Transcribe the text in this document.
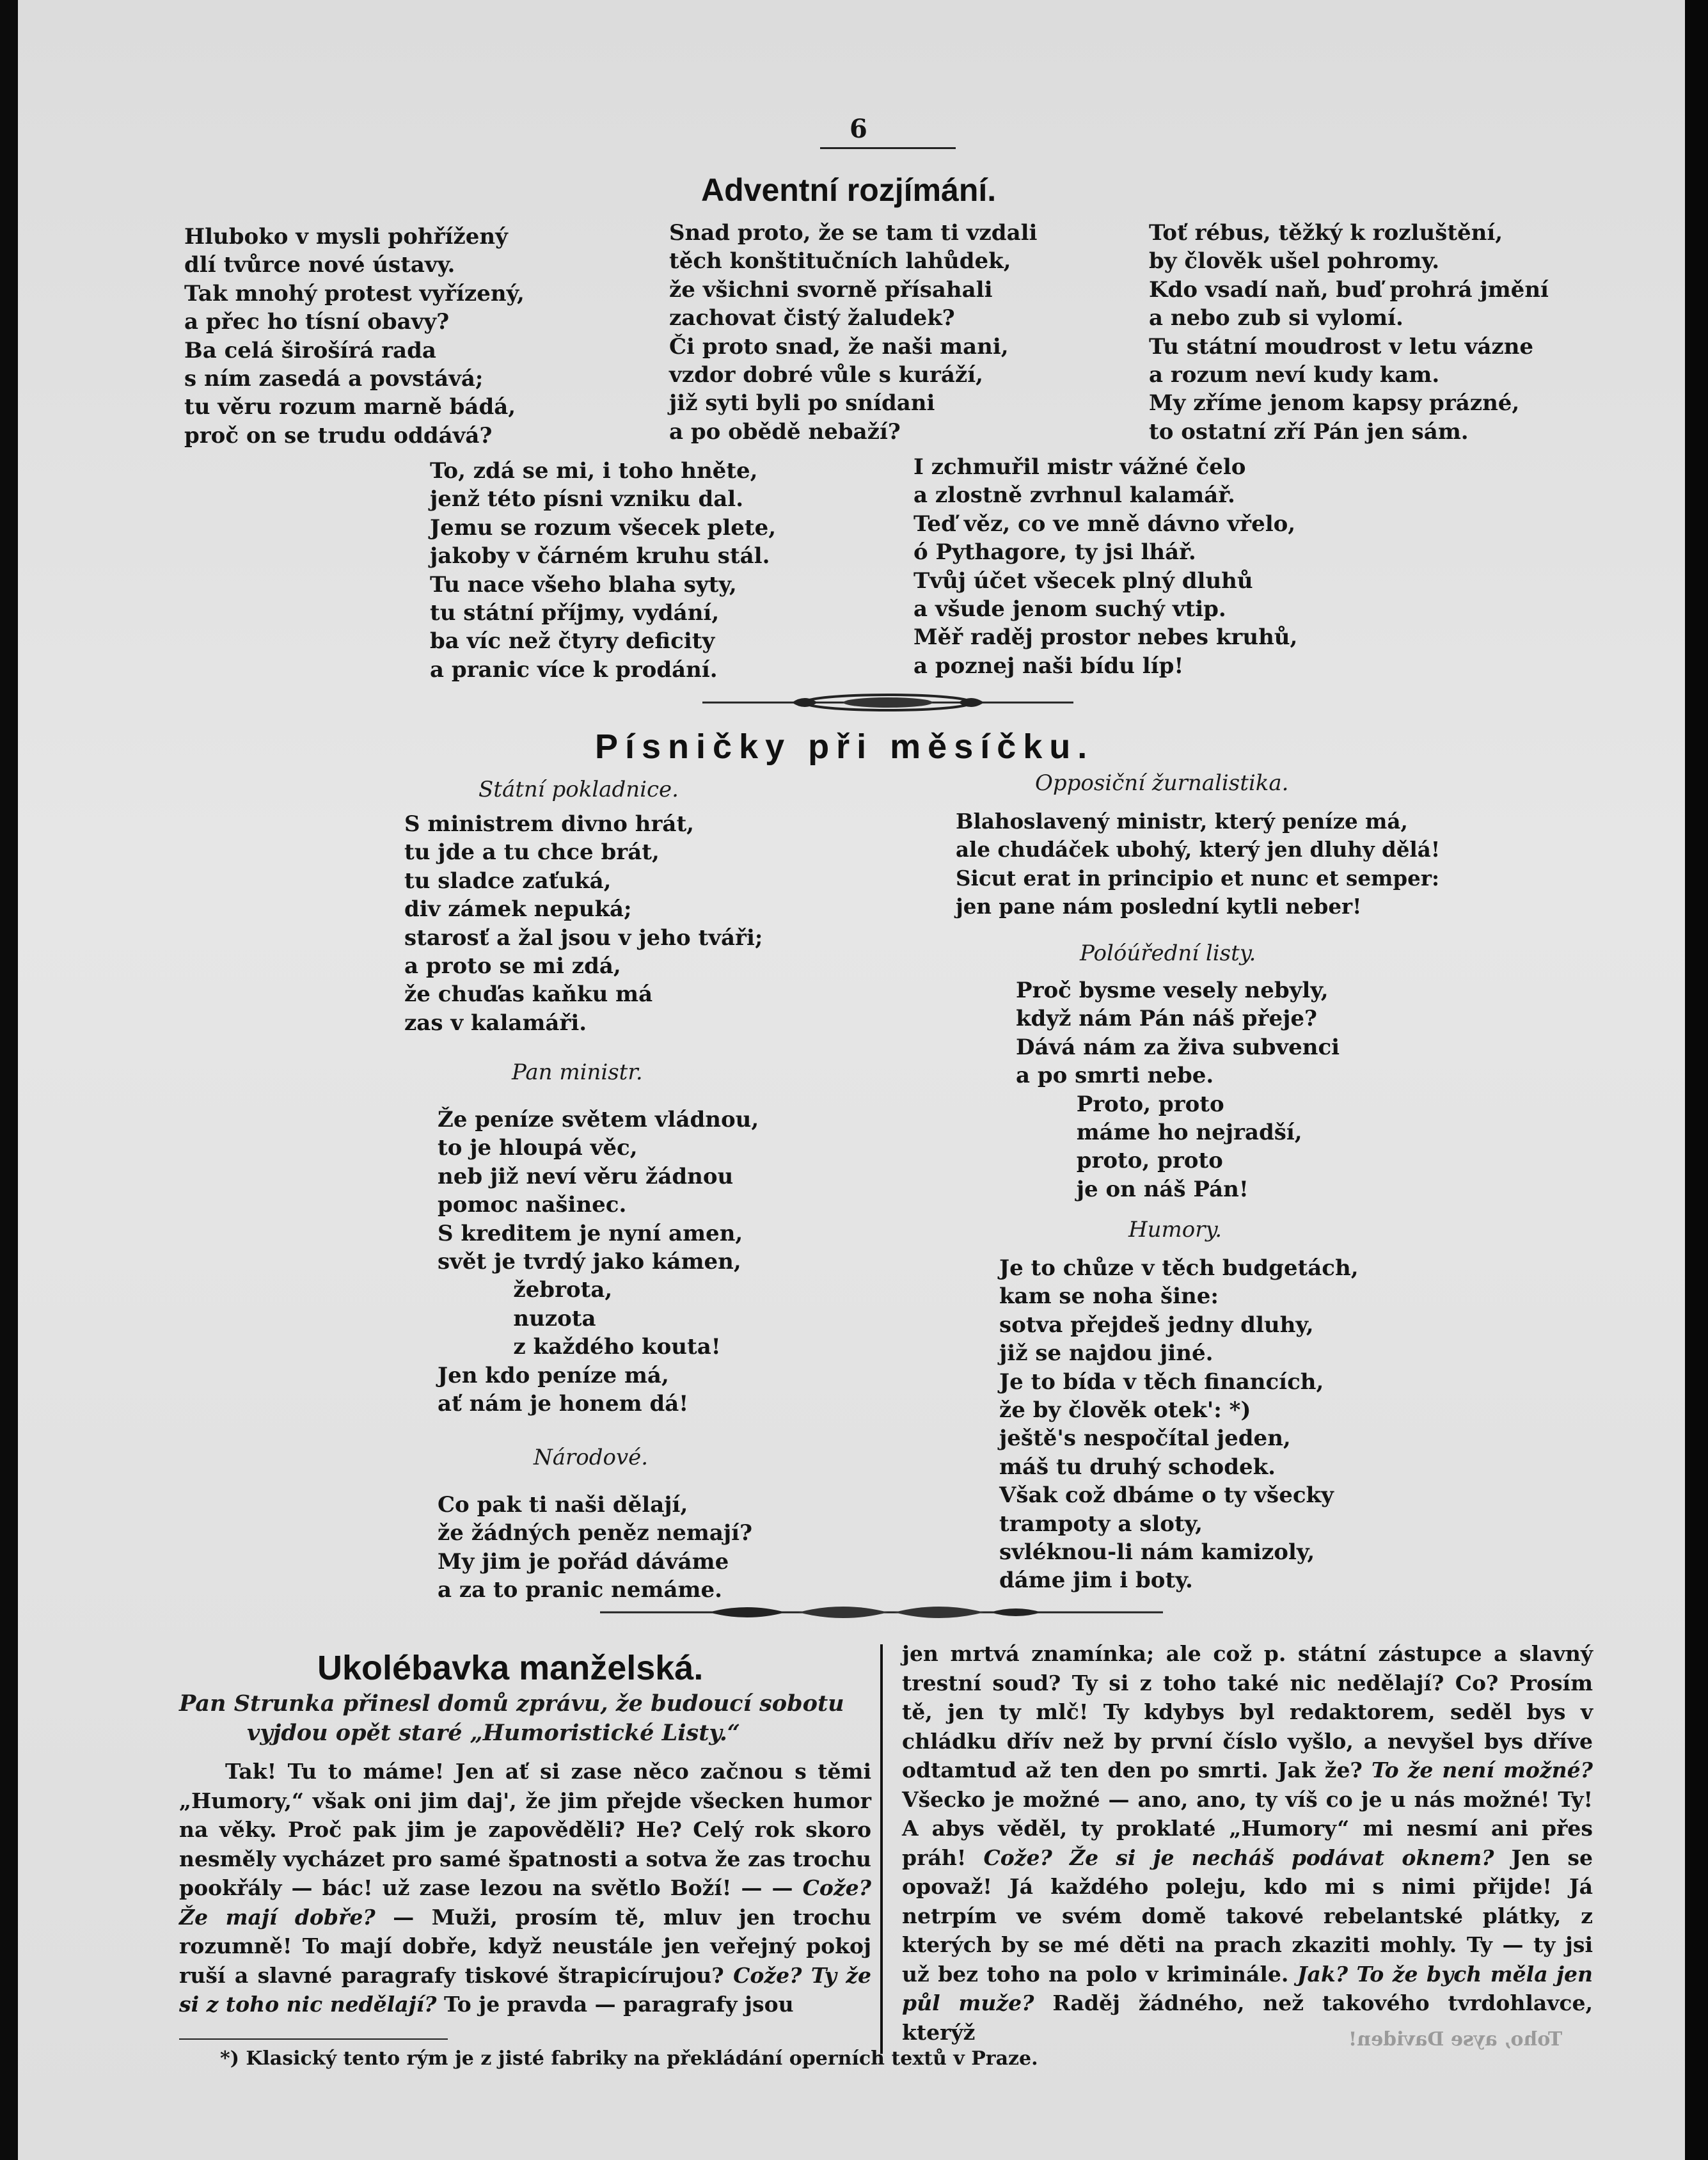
6
Adventní rozjímání.
Hluboko v mysli pohřížený
dlí tvůrce nové ústavy.
Tak mnohý protest vyřízený,
a přec ho tísní obavy?
Ba celá širošírá rada
s ním zasedá a povstává;
tu věru rozum marně bádá,
proč on se trudu oddává?
Snad proto, že se tam ti vzdali
těch konštitučních lahůdek,
že všichni svorně přísahali
zachovat čistý žaludek?
Či proto snad, že naši mani,
vzdor dobré vůle s kuráží,
již syti byli po snídani
a po obědě nebaží?
Toť rébus, těžký k rozluštění,
by člověk ušel pohromy.
Kdo vsadí naň, buď prohrá jmění
a nebo zub si vylomí.
Tu státní moudrost v letu vázne
a rozum neví kudy kam.
My zříme jenom kapsy prázné,
to ostatní zří Pán jen sám.
To, zdá se mi, i toho hněte,
jenž této písni vzniku dal.
Jemu se rozum všecek plete,
jakoby v čárném kruhu stál.
Tu nace všeho blaha syty,
tu státní příjmy, vydání,
ba víc než čtyry deficity
a pranic více k prodání.
I zchmuřil mistr vážné čelo
a zlostně zvrhnul kalamář.
Teď věz, co ve mně dávno vřelo,
ó Pythagore, ty jsi lhář.
Tvůj účet všecek plný dluhů
a všude jenom suchý vtip.
Měř raděj prostor nebes kruhů,
a poznej naši bídu líp!
Písničky při měsíčku.
Státní pokladnice.
S ministrem divno hrát,
tu jde a tu chce brát,
tu sladce zaťuká,
div zámek nepuká;
starosť a žal jsou v jeho tváři;
a proto se mi zdá,
že chuďas kaňku má
zas v kalamáři.
Pan ministr.
Že peníze světem vládnou,
to je hloupá věc,
neb již neví věru žádnou
pomoc našinec.
S kreditem je nyní amen,
svět je tvrdý jako kámen,
žebrota,
nuzota
z každého kouta!
Jen kdo peníze má,
ať nám je honem dá!
Národové.
Co pak ti naši dělají,
že žádných peněz nemají?
My jim je pořád dáváme
a za to pranic nemáme.
Opposiční žurnalistika.
Blahoslavený ministr, který peníze má,
ale chudáček ubohý, který jen dluhy dělá!
Sicut erat in principio et nunc et semper:
jen pane nám poslední kytli neber!
Polóúřední listy.
Proč bysme vesely nebyly,
když nám Pán náš přeje?
Dává nám za živa subvenci
a po smrti nebe.
Proto, proto
máme ho nejradší,
proto, proto
je on náš Pán!
Humory.
Je to chůze v těch budgetách,
kam se noha šine:
sotva přejdeš jedny dluhy,
již se najdou jiné.
Je to bída v těch financích,
že by člověk otek': *)
ještě's nespočítal jeden,
máš tu druhý schodek.
Však což dbáme o ty všecky
trampoty a sloty,
svléknou-li nám kamizoly,
dáme jim i boty.
Ukolébavka manželská.
Pan Strunka přinesl domů zprávu, že budoucí sobotu
vyjdou opět staré „Humoristické Listy.“

Tak! Tu to máme! Jen ať si zase něco začnou s těmi „Humory,“ však oni jim daj', že jim přejde všecken humor na věky. Proč pak jim je zapověděli? He? Celý rok skoro nesměly vycházet pro samé špatnosti a sotva že zas trochu pookřály — bác! už zase lezou na světlo Boží! — — Cože? Že mají dobře? — Muži, prosím tě, mluv jen trochu rozumně! To mají dobře, když neustále jen veřejný pokoj ruší a slavné paragrafy tiskové štrapicírujou? Cože? Ty že si z toho nic nedělají? To je pravda — paragrafy jsou

jen mrtvá znamínka; ale což p. státní zástupce a slavný trestní soud? Ty si z toho také nic nedělají? Co? Prosím tě, jen ty mlč! Ty kdybys byl redaktorem, seděl bys v chládku dřív než by první číslo vyšlo, a nevyšel bys dříve odtamtud až ten den po smrti. Jak že? To že není možné? Všecko je možné — ano, ano, ty víš co je u nás možné! Ty! A abys věděl, ty proklaté „Humory“ mi nesmí ani přes práh! Cože? Že si je necháš podávat oknem? Jen se opovaž! Já každého poleju, kdo mi s nimi přijde! Já netrpím ve svém domě takové rebelantské plátky, z kterých by se mé děti na prach zkaziti mohly. Ty — ty jsi už bez toho na polo v kriminále. Jak? To že bych měla jen půl muže? Raděj žádného, než takového tvrdohlavce, kterýž	Toho, ayse Daviden!
*) Klasický tento rým je z jisté fabriky na překládání operních textů v Praze.
